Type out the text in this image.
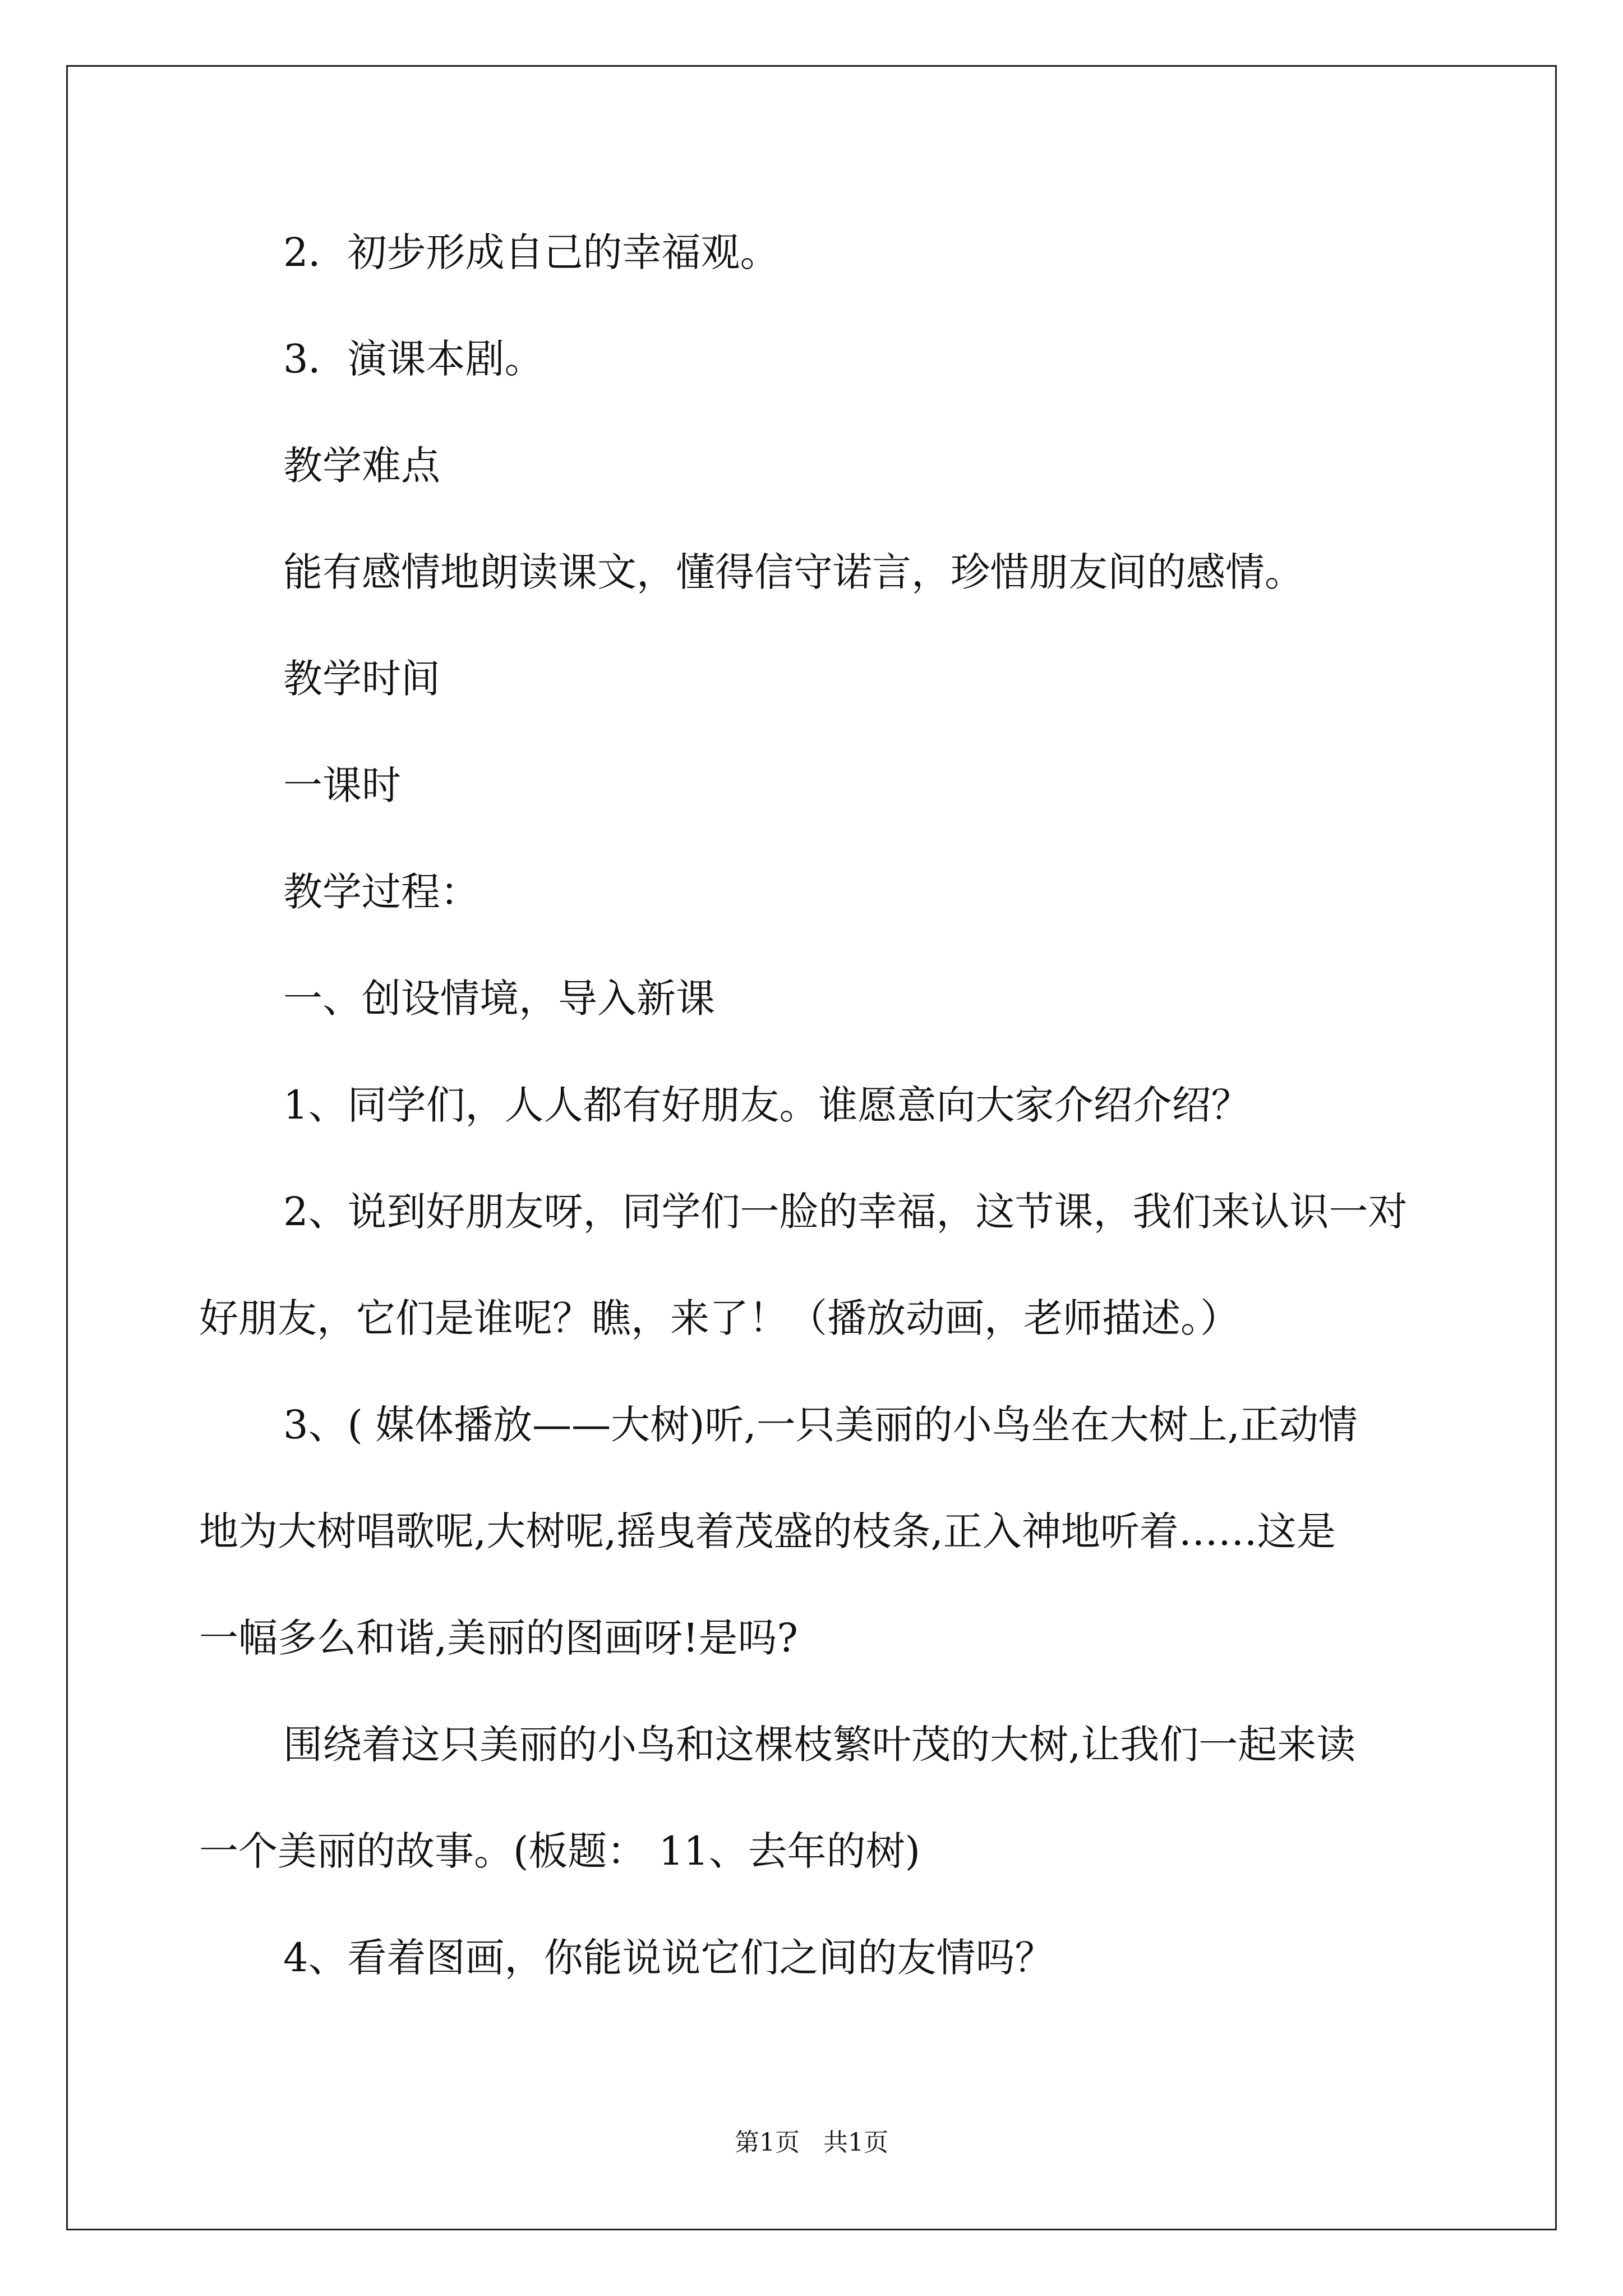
2．初步形成自己的幸福观。
3．演课本剧。
教学难点
能有感情地朗读课文，懂得信守诺言，珍惜朋友间的感情。
教学时间
一课时
教学过程：
一、创设情境，导入新课
1、同学们，人人都有好朋友。谁愿意向大家介绍介绍？
2、说到好朋友呀，同学们一脸的幸福，这节课，我们来认识一对
好朋友，它们是谁呢？瞧，来了！（播放动画，老师描述。）
3、( 媒体播放——大树)听,一只美丽的小鸟坐在大树上,正动情
地为大树唱歌呢,大树呢,摇曳着茂盛的枝条,正入神地听着……这是
一幅多么和谐,美丽的图画呀!是吗?
围绕着这只美丽的小鸟和这棵枝繁叶茂的大树,让我们一起来读
一个美丽的故事。(板题： 11、去年的树)
4、看着图画，你能说说它们之间的友情吗？
第1页   共1页
